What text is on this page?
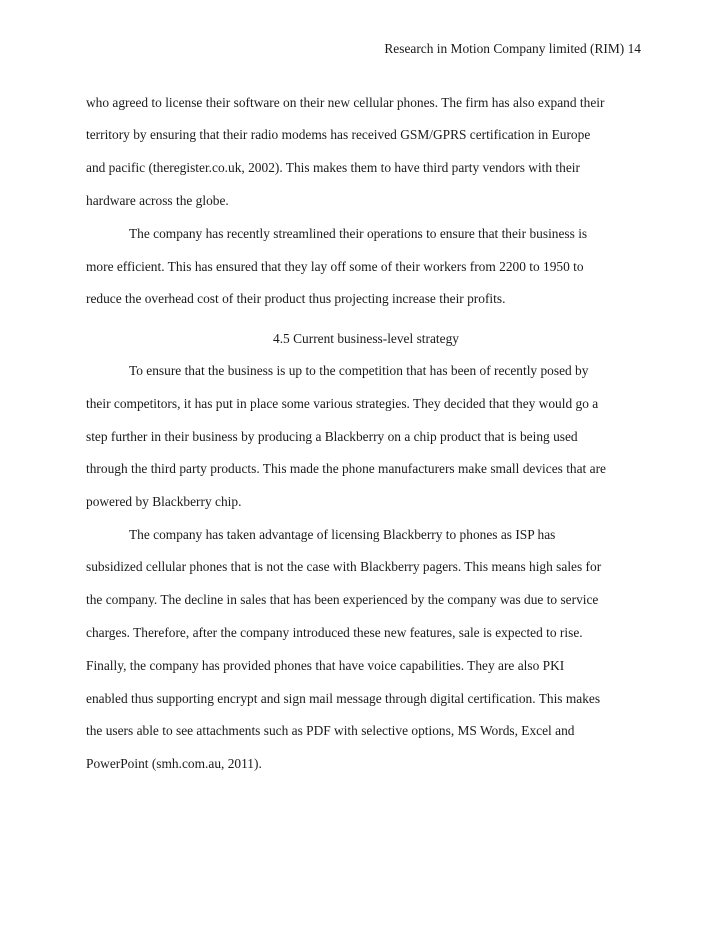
Research in Motion Company limited (RIM) 14
who agreed to license their software on their new cellular phones. The firm has also expand their
territory by ensuring that their radio modems has received GSM/GPRS certification in Europe
and pacific (theregister.co.uk, 2002). This makes them to have third party vendors with their
hardware across the globe.
The company has recently streamlined their operations to ensure that their business is
more efficient. This has ensured that they lay off some of their workers from 2200 to 1950 to
reduce the overhead cost of their product thus projecting increase their profits.
4.5 Current business-level strategy
To ensure that the business is up to the competition that has been of recently posed by
their competitors, it has put in place some various strategies. They decided that they would go a
step further in their business by producing a Blackberry on a chip product that is being used
through the third party products. This made the phone manufacturers make small devices that are
powered by Blackberry chip.
The company has taken advantage of licensing Blackberry to phones as ISP has
subsidized cellular phones that is not the case with Blackberry pagers. This means high sales for
the company. The decline in sales that has been experienced by the company was due to service
charges. Therefore, after the company introduced these new features, sale is expected to rise.
Finally, the company has provided phones that have voice capabilities. They are also PKI
enabled thus supporting encrypt and sign mail message through digital certification. This makes
the users able to see attachments such as PDF with selective options, MS Words, Excel and
PowerPoint (smh.com.au, 2011).
